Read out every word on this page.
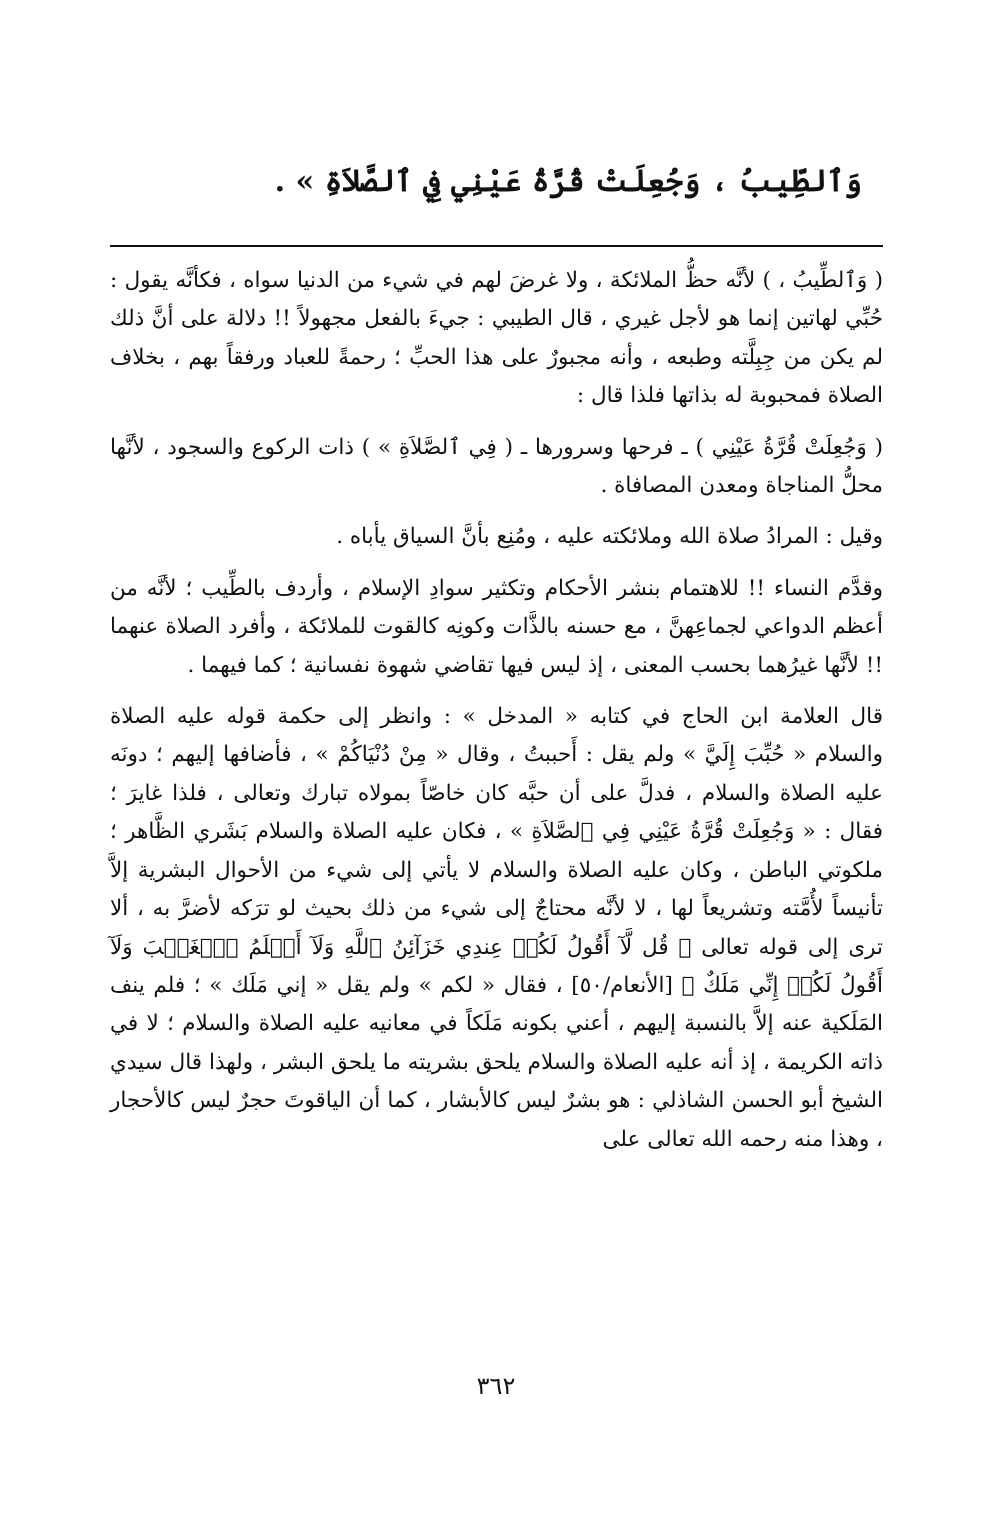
وَٱلطِّيبُ ، وَجُعِلَتْ قُرَّةُ عَيْنِي فِي ٱلصَّلاَةِ » .

( وَٱلطِّيبُ ، ) لأنَّه حظُّ الملائكة ، ولا غرضَ لهم في شيء من الدنيا سواه ، فكأنَّه يقول : حُبِّي لهاتين إنما هو لأجل غيري ، قال الطيبي : جيءَ بالفعل مجهولاً !! دلالة على أنَّ ذلك لم يكن من جِبِلَّته وطبعه ، وأنه مجبورٌ على هذا الحبِّ ؛ رحمةً للعباد ورفقاً بهم ، بخلاف الصلاة فمحبوبة له بذاتها فلذا قال :

( وَجُعِلَتْ قُرَّةُ عَيْنِي ) ـ فرحها وسرورها ـ ( فِي ٱلصَّلاَةِ » ) ذات الركوع والسجود ، لأنَّها محلُّ المناجاة ومعدن المصافاة .

وقيل : المرادُ صلاة الله وملائكته عليه ، ومُنِع بأنَّ السياق يأباه .

وقدَّم النساء !! للاهتمام بنشر الأحكام وتكثير سوادِ الإسلام ، وأردف بالطِّيب ؛ لأنَّه من أعظم الدواعي لجماعِهنَّ ، مع حسنه بالذَّات وكونِه كالقوت للملائكة ، وأفرد الصلاة عنهما !! لأنَّها غيرُهما بحسب المعنى ، إذ ليس فيها تقاضي شهوة نفسانية ؛ كما فيهما .

قال العلامة ابن الحاج في كتابه « المدخل » : وانظر إلى حكمة قوله عليه الصلاة والسلام « حُبِّبَ إِلَيَّ » ولم يقل : أَحببتُ ، وقال « مِنْ دُنْيَاكُمْ » ، فأضافها إليهم ؛ دونَه عليه الصلاة والسلام ، فدلَّ على أن حبَّه كان خاصّاً بمولاه تبارك وتعالى ، فلذا غايرَ ؛ فقال : « وَجُعِلَتْ قُرَّةُ عَيْنِي فِي ٱلصَّلاَةِ » ، فكان عليه الصلاة والسلام بَشَري الظَّاهر ؛ ملكوتي الباطن ، وكان عليه الصلاة والسلام لا يأتي إلى شيء من الأحوال البشرية إلاَّ تأنيساً لأُمَّته وتشريعاً لها ، لا لأنَّه محتاجٌ إلى شيء من ذلك بحيث لو ترَكه لأضرَّ به ، ألا ترى إلى قوله تعالى ﴿ قُل لَّآ أَقُولُ لَكُمۡ عِندِي خَزَآئِنُ ٱللَّهِ وَلَآ أَعۡلَمُ ٱلۡغَيۡبَ وَلَآ أَقُولُ لَكُمۡ إِنِّي مَلَكٌ ﴾ [الأنعام/٥٠] ، فقال « لكم » ولم يقل « إني مَلَك » ؛ فلم ينف المَلَكية عنه إلاَّ بالنسبة إليهم ، أعني بكونه مَلَكاً في معانيه عليه الصلاة والسلام ؛ لا في ذاته الكريمة ، إذ أنه عليه الصلاة والسلام يلحق بشريته ما يلحق البشر ، ولهذا قال سيدي الشيخ أبو الحسن الشاذلي : هو بشرٌ ليس كالأبشار ، كما أن الياقوتَ حجرٌ ليس كالأحجار ، وهذا منه رحمه الله تعالى على

٣٦٢
